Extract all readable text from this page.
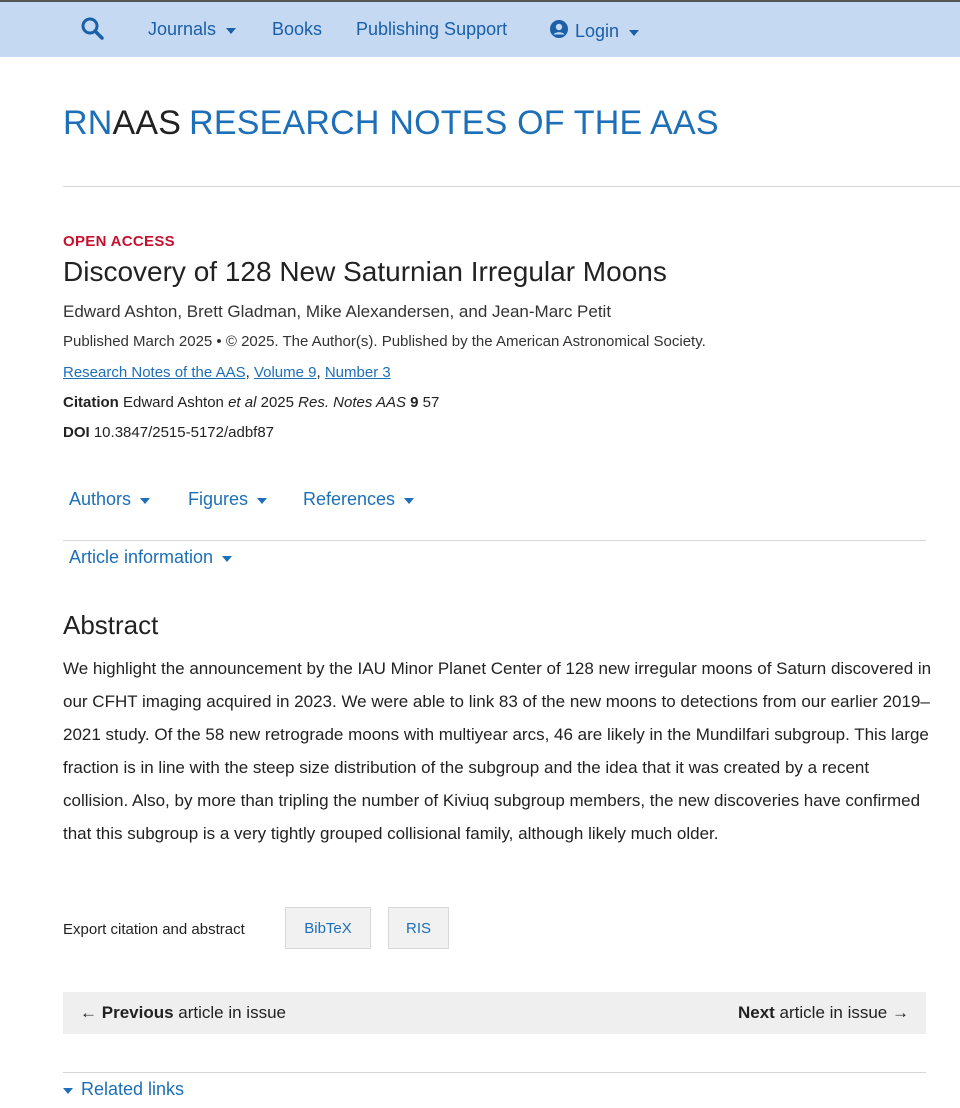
Journals	Books Publishing Support	Login
RNAAS RESEARCH NOTES OF THE AAS
OPEN ACCESS
Discovery of 128 New Saturnian Irregular Moons
Edward Ashton, Brett Gladman, Mike Alexandersen, and Jean-Marc Petit
Published March 2025 • © 2025. The Author(s). Published by the American Astronomical Society.
Research Notes of the AAS, Volume 9, Number 3
Citation Edward Ashton et al 2025 Res. Notes AAS 9 57
DOI 10.3847/2515-5172/adbf87
Authors	Figures	References
Article information
Abstract

We highlight the announcement by the IAU Minor Planet Center of 128 new irregular moons of Saturn discovered in our CFHT imaging acquired in 2023. We were able to link 83 of the new moons to detections from our earlier 2019–2021 study. Of the 58 new retrograde moons with multiyear arcs, 46 are likely in the Mundilfari subgroup. This large fraction is in line with the steep size distribution of the subgroup and the idea that it was created by a recent collision. Also, by more than tripling the number of Kiviuq subgroup members, the new discoveries have confirmed that this subgroup is a very tightly grouped collisional family, although likely much older.

Export citation and abstract	BibTeX	RIS
← Previous article in issue	Next article in issue →
Related links
